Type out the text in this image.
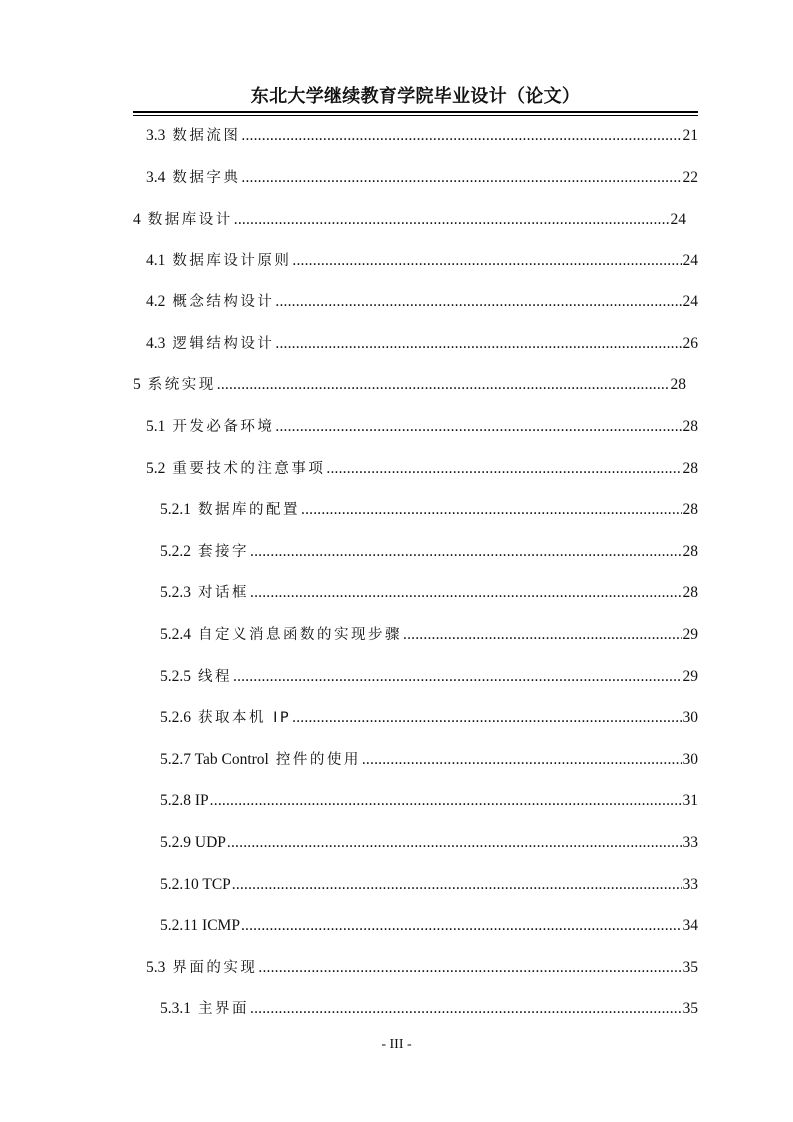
东北大学继续教育学院毕业设计（论文）
3.3 数据流图 .....	21
3.4 数据字典 .....	22
4 数据库设计 .....	24
4.1 数据库设计原则 .....	24
4.2 概念结构设计 .....	24
4.3 逻辑结构设计 .....	26
5 系统实现 .....	28
5.1 开发必备环境 .....	28
5.2 重要技术的注意事项 .....	28
5.2.1 数据库的配置 .....	28
5.2.2 套接字 .....	28
5.2.3 对话框 .....	28
5.2.4 自定义消息函数的实现步骤 .....	29
5.2.5 线程 .....	29
5.2.6 获取本机 IP .....	30
5.2.7 Tab Control 控件的使用 .....	30
5.2.8 IP .....	31
5.2.9 UDP .....	33
5.2.10 TCP .....	33
5.2.11 ICMP .....	34
5.3 界面的实现 .....	35
5.3.1 主界面 .....	35
- III -
